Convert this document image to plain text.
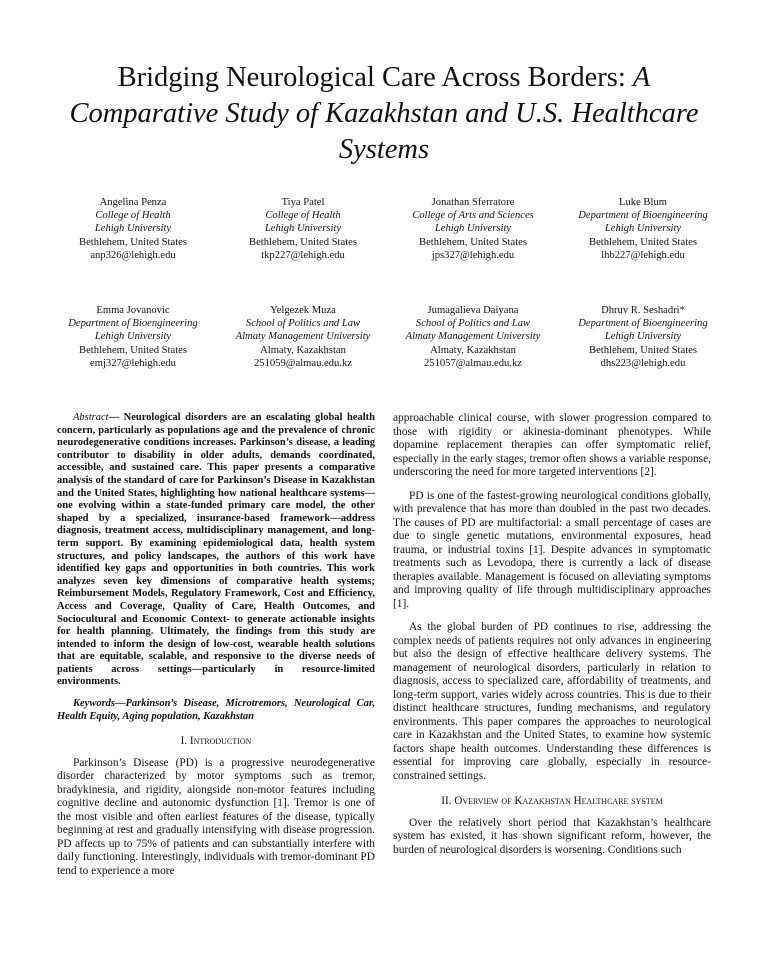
Bridging Neurological Care Across Borders: A Comparative Study of Kazakhstan and U.S. Healthcare Systems
Angelina Penza
College of Health
Lehigh University
Bethlehem, United States
anp326@lehigh.edu
Tiya Patel
College of Health
Lehigh University
Bethlehem, United States
tkp227@lehigh.edu
Jonathan Sferratore
College of Arts and Sciences
Lehigh University
Bethlehem, United States
jps327@lehigh.edu
Luke Blum
Department of Bioengineering
Lehigh University
Bethlehem, United States
lhb227@lehigh.edu
Emma Jovanovic
Department of Bioengineering
Lehigh University
Bethlehem, United States
emj327@lehigh.edu
Yelgezek Muza
School of Politics and Law
Almaty Management University
Almaty, Kazakhstan
251059@almau.edu.kz
Jumagalieva Daiyana
School of Politics and Law
Almaty Management University
Almaty, Kazakhstan
251057@almau.edu.kz
Dhruv R. Seshadri*
Department of Bioengineering
Lehigh University
Bethlehem, United States
dhs223@lehigh.edu

Abstract— Neurological disorders are an escalating global health concern, particularly as populations age and the prevalence of chronic neurodegenerative conditions increases. Parkinson’s disease, a leading contributor to disability in older adults, demands coordinated, accessible, and sustained care. This paper presents a comparative analysis of the standard of care for Parkinson’s Disease in Kazakhstan and the United States, highlighting how national healthcare systems—one evolving within a state-funded primary care model, the other shaped by a specialized, insurance-based framework—address diagnosis, treatment access, multidisciplinary management, and long-term support. By examining epidemiological data, health system structures, and policy landscapes, the authors of this work have identified key gaps and opportunities in both countries. This work analyzes seven key dimensions of comparative health systems; Reimbursement Models, Regulatory Framework, Cost and Efficiency, Access and Coverage, Quality of Care, Health Outcomes, and Sociocultural and Economic Context- to generate actionable insights for health planning. Ultimately, the findings from this study are intended to inform the design of low-cost, wearable health solutions that are equitable, scalable, and responsive to the diverse needs of patients across settings—particularly in resource-limited environments.

Keywords—Parkinson’s Disease, Microtremors, Neurological Car, Health Equity, Aging population, Kazakhstan

I. Introduction

Parkinson’s Disease (PD) is a progressive neurodegenerative disorder characterized by motor symptoms such as tremor, bradykinesia, and rigidity, alongside non-motor features including cognitive decline and autonomic dysfunction [1]. Tremor is one of the most visible and often earliest features of the disease, typically beginning at rest and gradually intensifying with disease progression. PD affects up to 75% of patients and can substantially interfere with daily functioning. Interestingly, individuals with tremor-dominant PD tend to experience a more

approachable clinical course, with slower progression compared to those with rigidity or akinesia-dominant phenotypes. While dopamine replacement therapies can offer symptomatic relief, especially in the early stages, tremor often shows a variable response, underscoring the need for more targeted interventions [2].

PD is one of the fastest-growing neurological conditions globally, with prevalence that has more than doubled in the past two decades. The causes of PD are multifactorial: a small percentage of cases are due to single genetic mutations, environmental exposures, head trauma, or industrial toxins [1]. Despite advances in symptomatic treatments such as Levodopa, there is currently a lack of disease therapies available. Management is focused on alleviating symptoms and improving quality of life through multidisciplinary approaches [1].

As the global burden of PD continues to rise, addressing the complex needs of patients requires not only advances in engineering but also the design of effective healthcare delivery systems. The management of neurological disorders, particularly in relation to diagnosis, access to specialized care, affordability of treatments, and long-term support, varies widely across countries. This is due to their distinct healthcare structures, funding mechanisms, and regulatory environments. This paper compares the approaches to neurological care in Kazakhstan and the United States, to examine how systemic factors shape health outcomes. Understanding these differences is essential for improving care globally, especially in resource-constrained settings.

II. Overview of Kazakhstan Healthcare system

Over the relatively short period that Kazakhstan’s healthcare system has existed, it has shown significant reform, however, the burden of neurological disorders is worsening. Conditions such
